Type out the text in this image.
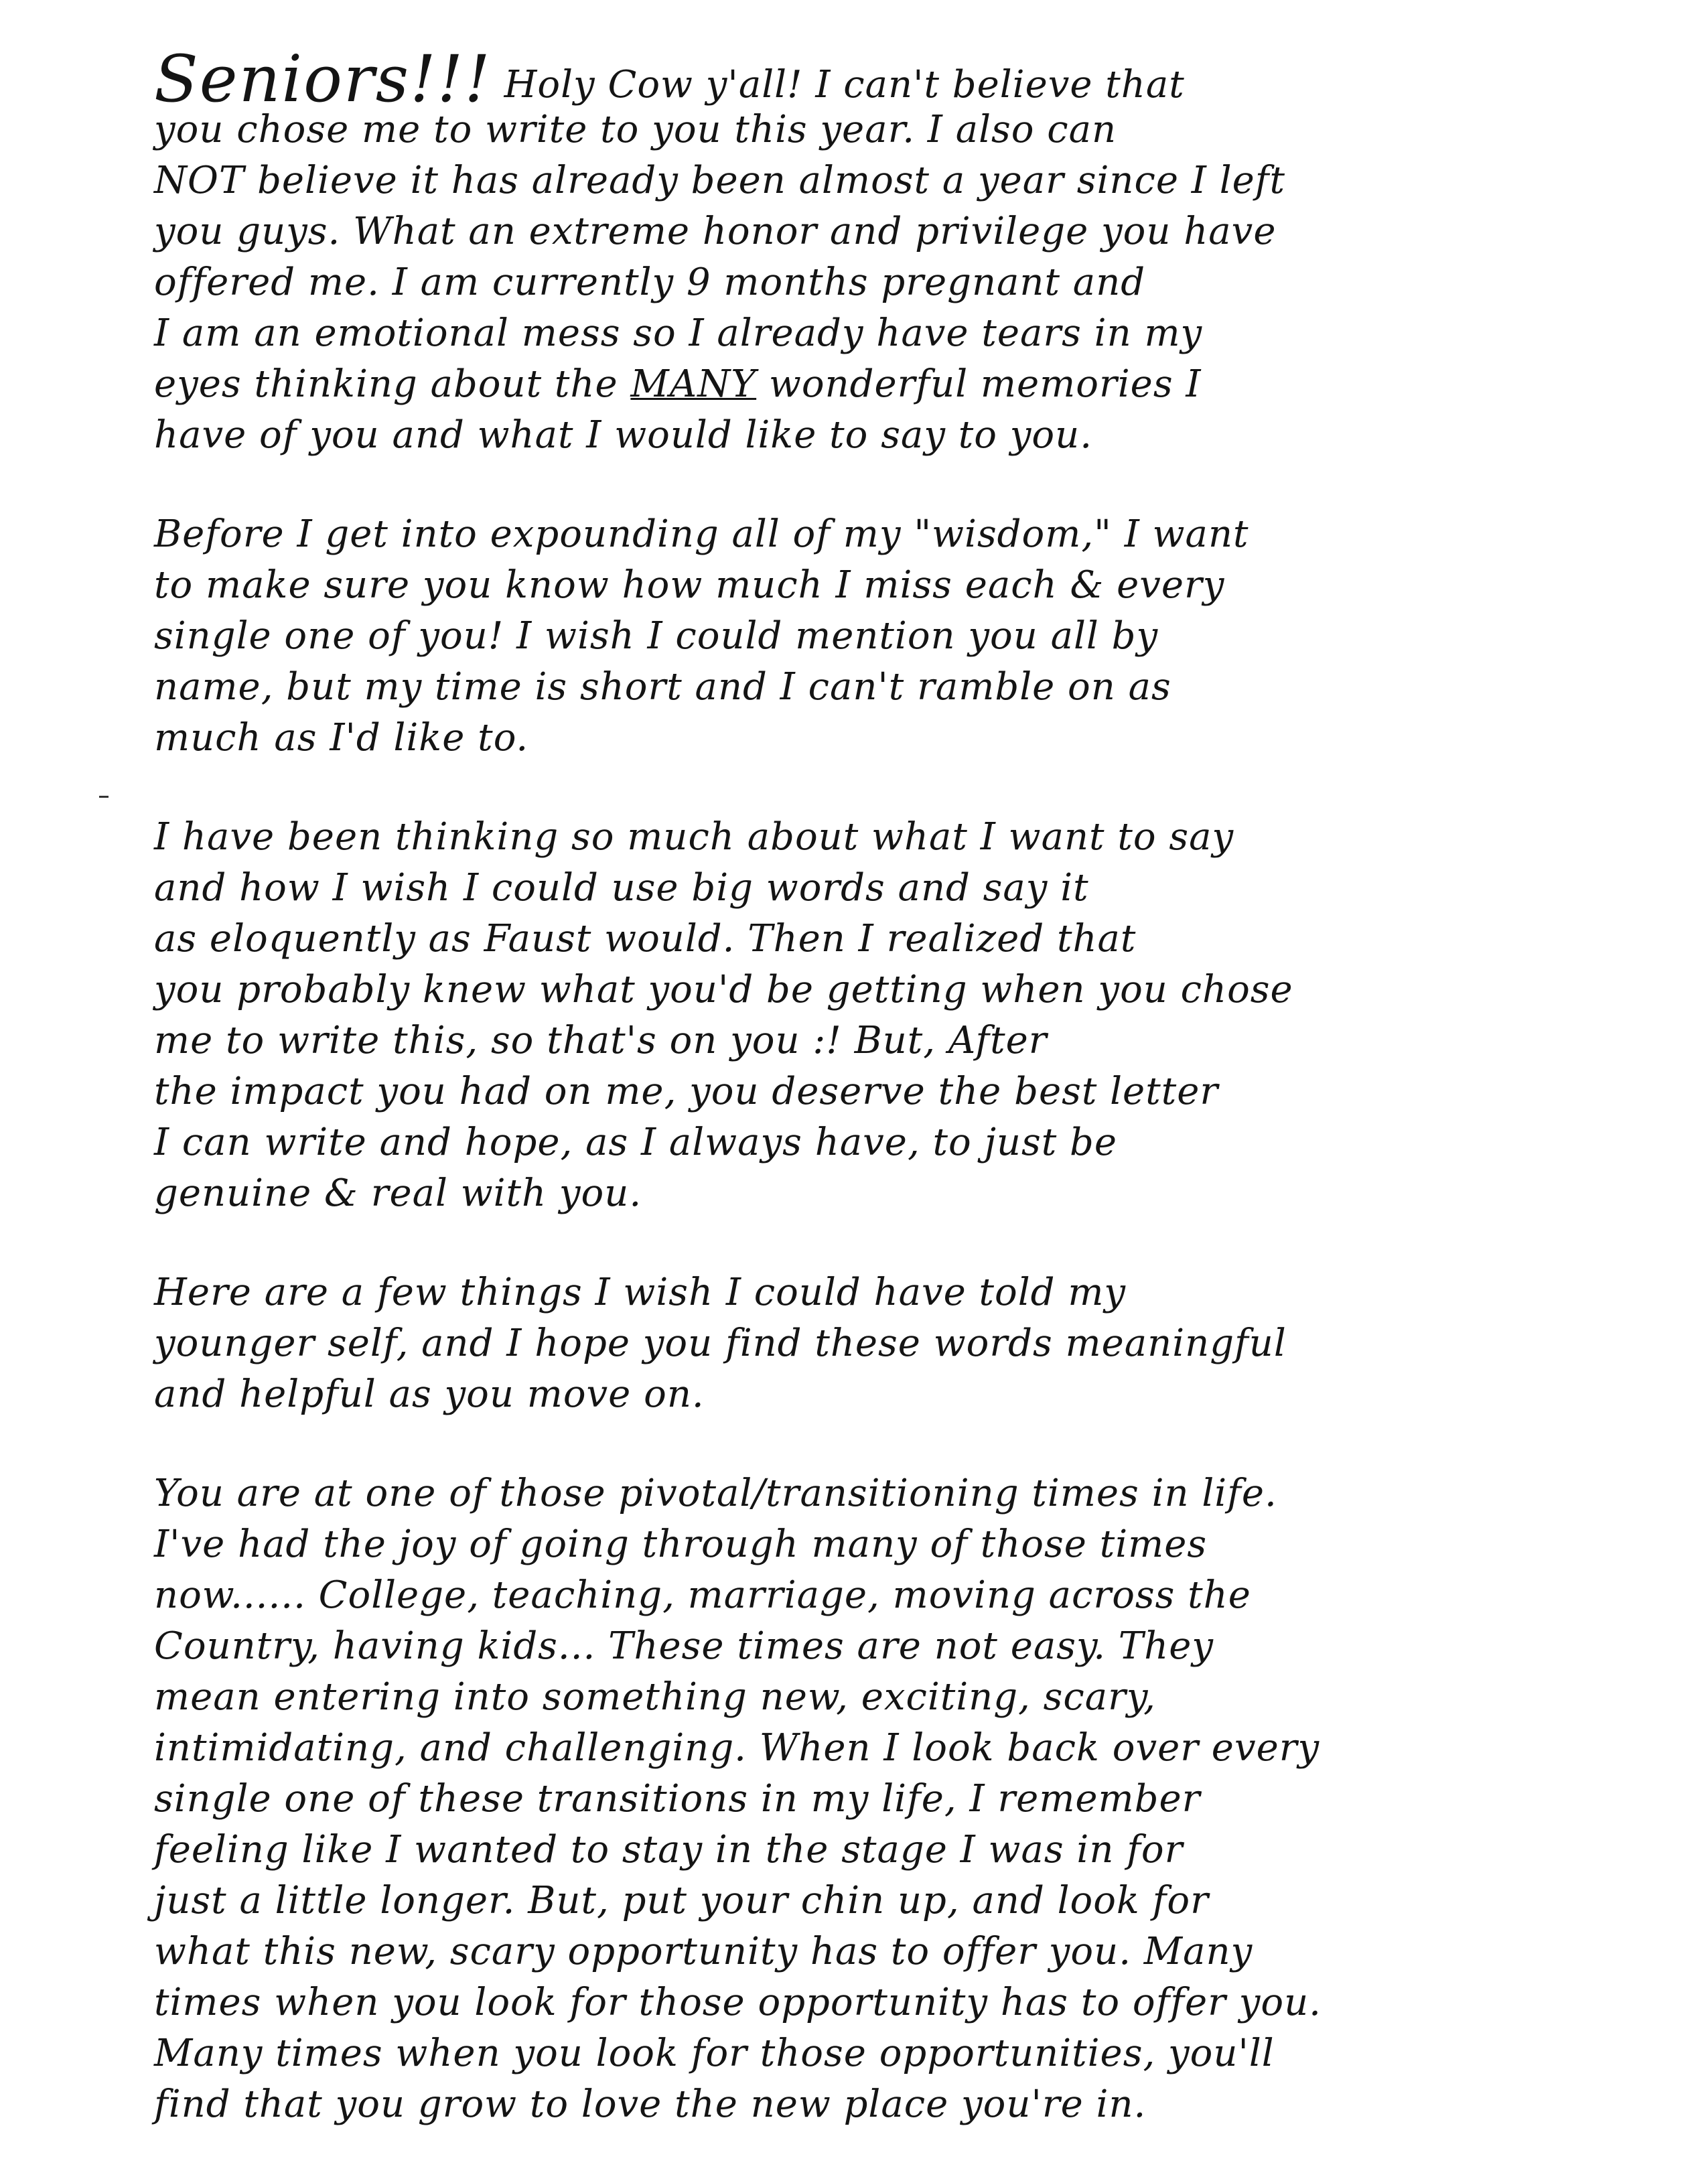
Seniors!!! Holy Cow y'all! I can't believe that
you chose me to write to you this year. I also can
NOT believe it has already been almost a year since I left
you guys. What an extreme honor and privilege you have
offered me. I am currently 9 months pregnant and
I am an emotional mess so I already have tears in my
eyes thinking about the MANY wonderful memories I
have of you and what I would like to say to you.
Before I get into expounding all of my "wisdom," I want
to make sure you know how much I miss each & every
single one of you! I wish I could mention you all by
name, but my time is short and I can't ramble on as
much as I'd like to.
I have been thinking so much about what I want to say
and how I wish I could use big words and say it
as eloquently as Faust would. Then I realized that
you probably knew what you'd be getting when you chose
me to write this, so that's on you :! But, After
the impact you had on me, you deserve the best letter
I can write and hope, as I always have, to just be
genuine & real with you.
Here are a few things I wish I could have told my
younger self, and I hope you find these words meaningful
and helpful as you move on.
You are at one of those pivotal/transitioning times in life.
I've had the joy of going through many of those times
now...... College, teaching, marriage, moving across the
Country, having kids... These times are not easy. They
mean entering into something new, exciting, scary,
intimidating, and challenging. When I look back over every
single one of these transitions in my life, I remember
feeling like I wanted to stay in the stage I was in for
just a little longer. But, put your chin up, and look for
what this new, scary opportunity has to offer you. Many
times when you look for those opportunity has to offer you.
Many times when you look for those opportunities, you'll
find that you grow to love the new place you're in.
